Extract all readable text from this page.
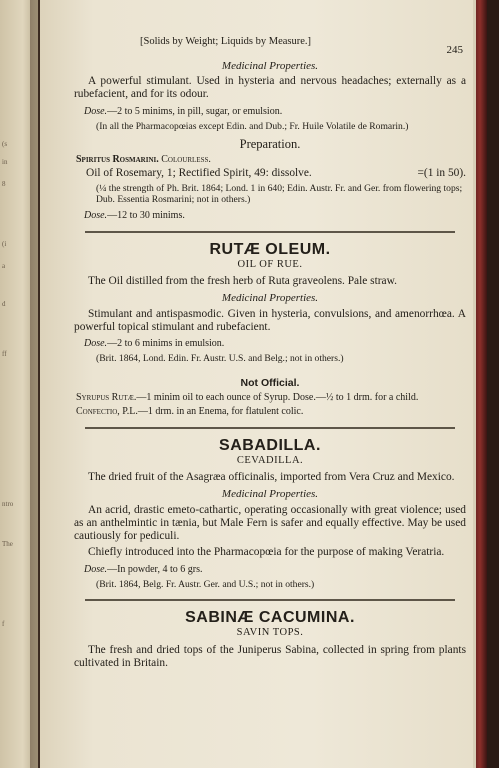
(s
in
8
(i
a
d
ff
ntro
The
f
[Solids by Weight; Liquids by Measure.]
245

Medicinal Properties.

A powerful stimulant. Used in hysteria and nervous headaches; externally as a rubefacient, and for its odour.

Dose.—2 to 5 minims, in pill, sugar, or emulsion.

(In all the Pharmacopœias except Edin. and Dub.; Fr. Huile Volatile de Romarin.)

Preparation.

Spiritus Rosmarini. Colourless.

Oil of Rosemary, 1; Rectified Spirit, 49: dissolve.	=(1 in 50).

(¼ the strength of Ph. Brit. 1864; Lond. 1 in 640; Edin. Austr. Fr. and Ger. from flowering tops; Dub. Essentia Rosmarini; not in others.)

Dose.—12 to 30 minims.

RUTÆ OLEUM.

OIL OF RUE.

The Oil distilled from the fresh herb of Ruta graveolens. Pale straw.

Medicinal Properties.

Stimulant and antispasmodic. Given in hysteria, convulsions, and amenorrhœa. A powerful topical stimulant and rubefacient.

Dose.—2 to 6 minims in emulsion.

(Brit. 1864, Lond. Edin. Fr. Austr. U.S. and Belg.; not in others.)

Not Official.

Syrupus Rutæ.—1 minim oil to each ounce of Syrup. Dose.—½ to 1 drm. for a child.

Confectio, P.L.—1 drm. in an Enema, for flatulent colic.

SABADILLA.

CEVADILLA.

The dried fruit of the Asagræa officinalis, imported from Vera Cruz and Mexico.

Medicinal Properties.

An acrid, drastic emeto-cathartic, operating occasionally with great violence; used as an anthelmintic in tænia, but Male Fern is safer and equally effective. May be used cautiously for pediculi.

Chiefly introduced into the Pharmacopœia for the purpose of making Veratria.

Dose.—In powder, 4 to 6 grs.

(Brit. 1864, Belg. Fr. Austr. Ger. and U.S.; not in others.)

SABINÆ CACUMINA.

SAVIN TOPS.

The fresh and dried tops of the Juniperus Sabina, collected in spring from plants cultivated in Britain.
